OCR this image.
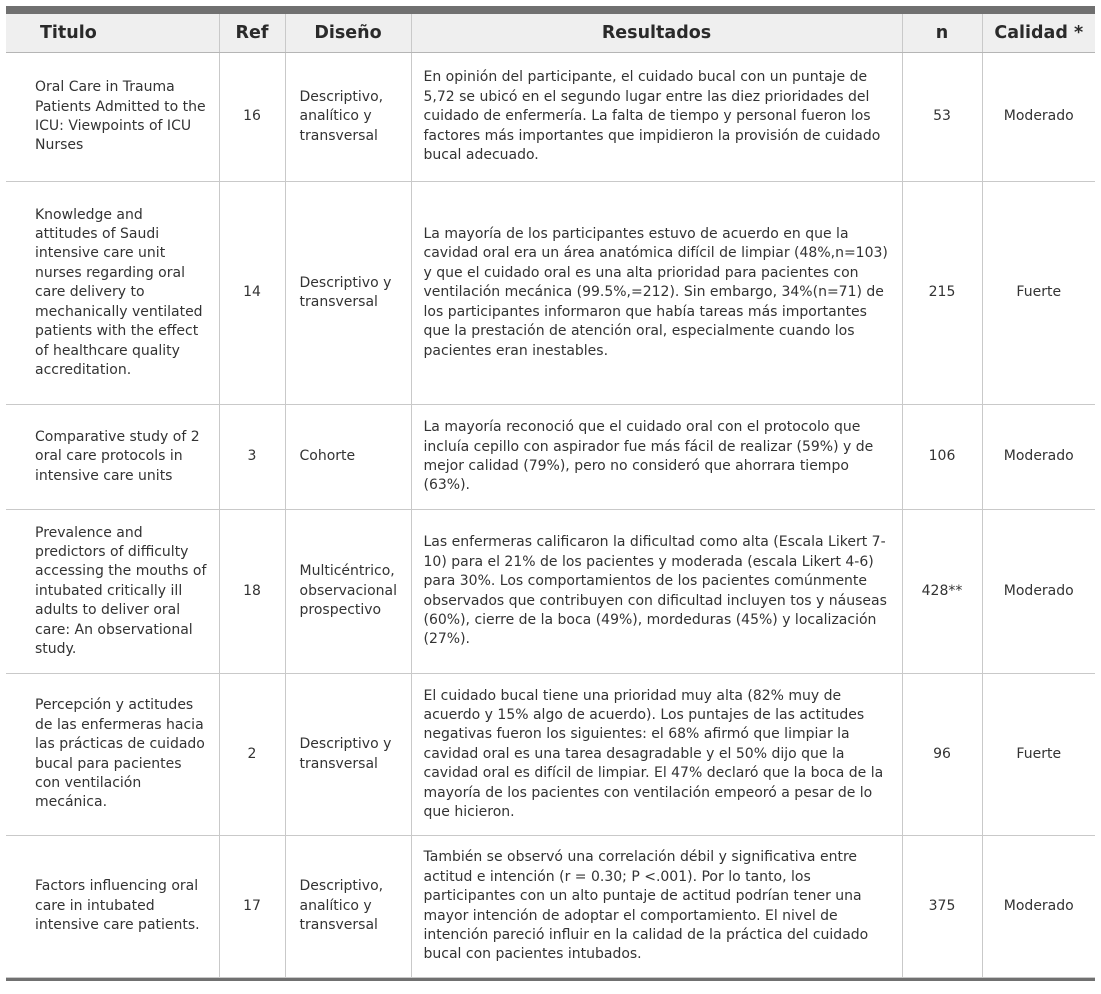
Titulo	Ref	Diseño	Resultados	n	Calidad *
Oral Care in Trauma Patients Admitted to the ICU: Viewpoints of ICU Nurses	16	Descriptivo, analítico y transversal	En opinión del participante, el cuidado bucal con un puntaje de 5,72 se ubicó en el segundo lugar entre las diez prioridades del cuidado de enfermería. La falta de tiempo y personal fueron los factores más importantes que impidieron la provisión de cuidado bucal adecuado.	53	Moderado
Knowledge and attitudes of Saudi intensive care unit nurses regarding oral care delivery to mechanically ventilated patients with the effect of healthcare quality accreditation.	14	Descriptivo y transversal	La mayoría de los participantes estuvo de acuerdo en que la cavidad oral era un área anatómica difícil de limpiar (48%,n=103) y que el cuidado oral es una alta prioridad para pacientes con ventilación mecánica (99.5%,=212). Sin embargo, 34%(n=71) de los participantes informaron que había tareas más importantes que la prestación de atención oral, especialmente cuando los pacientes eran inestables.	215	Fuerte
Comparative study of 2 oral care protocols in intensive care units	3	Cohorte	La mayoría reconoció que el cuidado oral con el protocolo que incluía cepillo con aspirador fue más fácil de realizar (59%) y de mejor calidad (79%), pero no consideró que ahorrara tiempo (63%).	106	Moderado
Prevalence and predictors of difficulty accessing the mouths of intubated critically ill adults to deliver oral care: An observational study.	18	Multicéntrico, observacional prospectivo	Las enfermeras calificaron la dificultad como alta (Escala Likert 7-10) para el 21% de los pacientes y moderada (escala Likert 4-6) para 30%. Los comportamientos de los pacientes comúnmente observados que contribuyen con dificultad incluyen tos y náuseas (60%), cierre de la boca (49%), mordeduras (45%) y localización (27%).	428**	Moderado
Percepción y actitudes de las enfermeras hacia las prácticas de cuidado bucal para pacientes con ventilación mecánica.	2	Descriptivo y transversal	El cuidado bucal tiene una prioridad muy alta (82% muy de acuerdo y 15% algo de acuerdo). Los puntajes de las actitudes negativas fueron los siguientes: el 68% afirmó que limpiar la cavidad oral es una tarea desagradable y el 50% dijo que la cavidad oral es difícil de limpiar. El 47% declaró que la boca de la mayoría de los pacientes con ventilación empeoró a pesar de lo que hicieron.	96	Fuerte
Factors influencing oral care in intubated intensive care patients.	17	Descriptivo, analítico y transversal	También se observó una correlación débil y significativa entre actitud e intención (r = 0.30; P <.001). Por lo tanto, los participantes con un alto puntaje de actitud podrían tener una mayor intención de adoptar el comportamiento. El nivel de intención pareció influir en la calidad de la práctica del cuidado bucal con pacientes intubados.	375	Moderado
